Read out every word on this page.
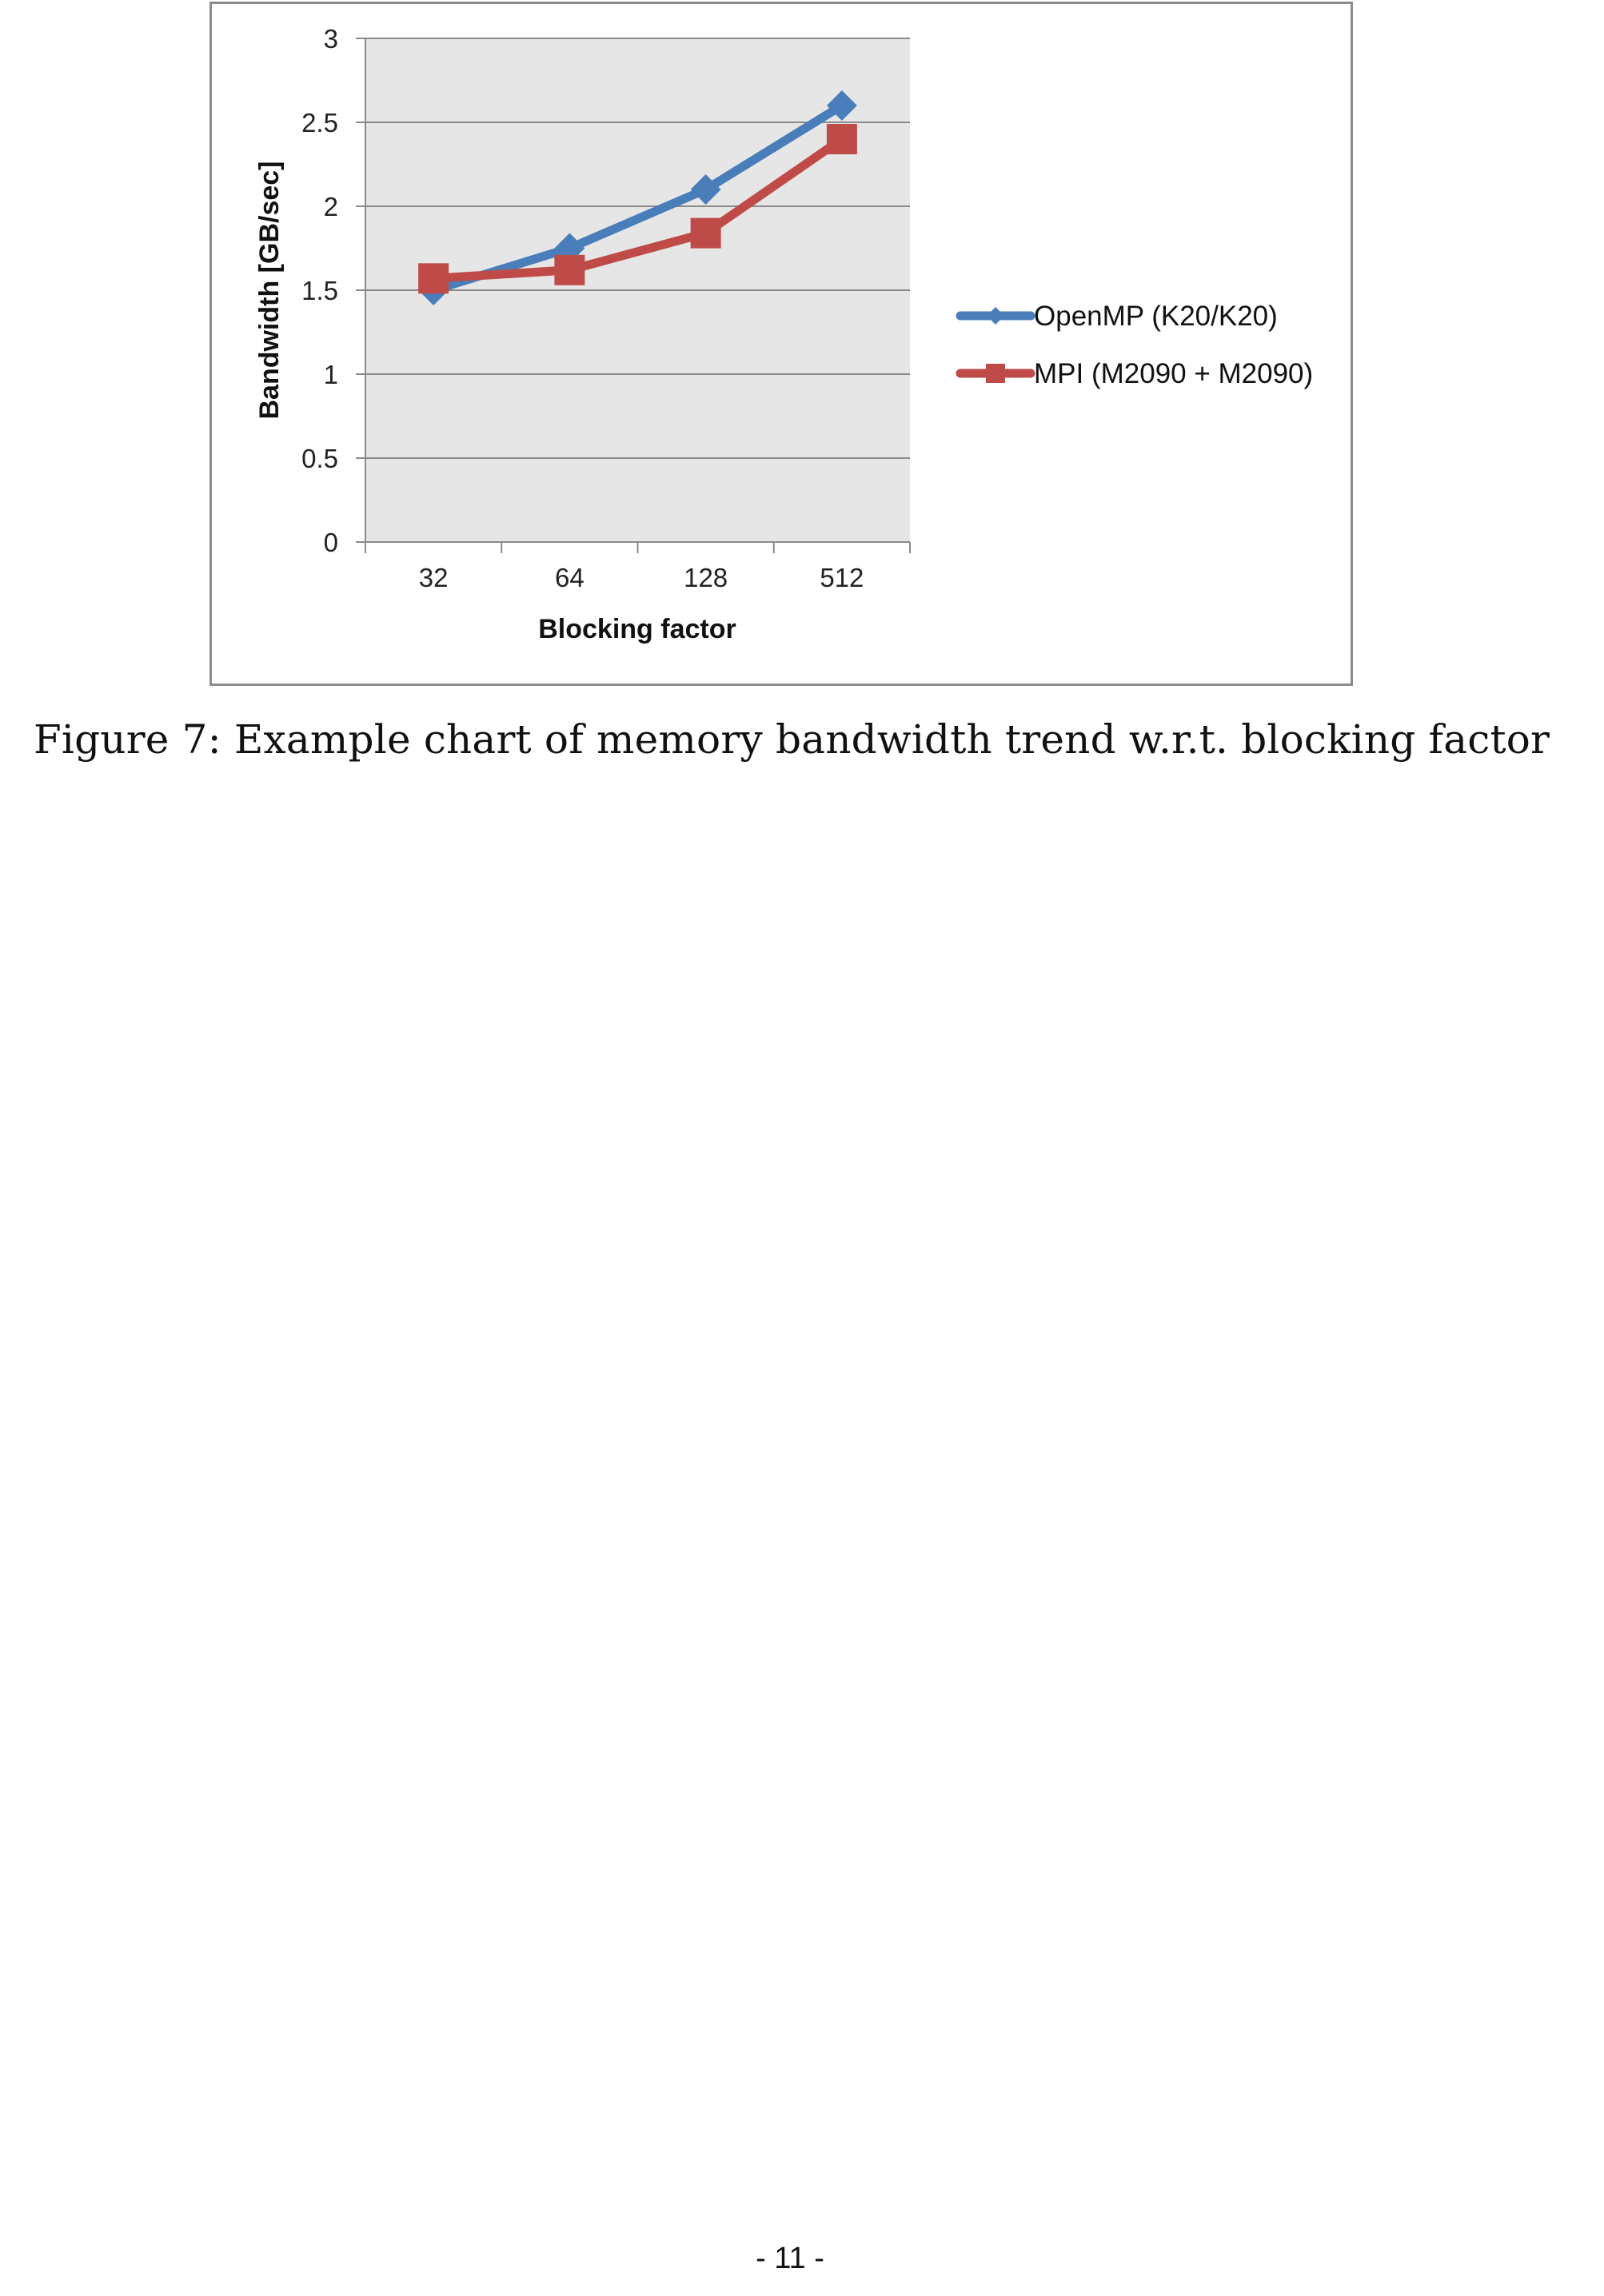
0
0.5
1
1.5
2
2.5
3
32	64	128	512
OpenMP (K20/K20)
MPI (M2090 + M2090)
Blocking factor
Bandwidth [GB/sec]
Figure 7: Example chart of memory bandwidth trend w.r.t. blocking factor
- 11 -
